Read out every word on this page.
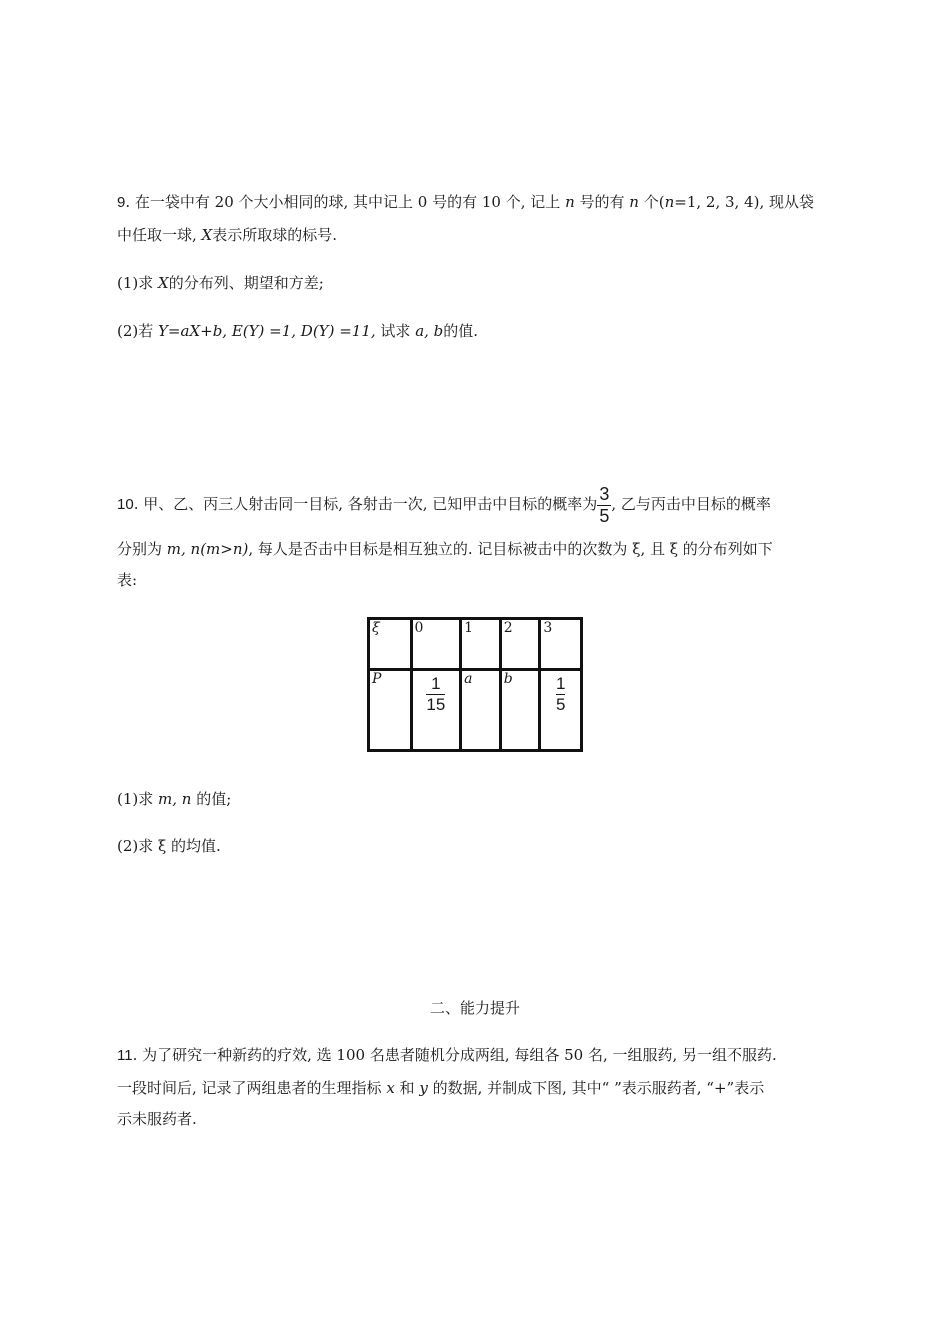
9. 在一袋中有 20 个大小相同的球, 其中记上 0 号的有 10 个, 记上 n 号的有 n 个(n=1, 2, 3, 4), 现从袋
中任取一球, X表示所取球的标号.
(1)求 X的分布列、期望和方差;
(2)若 Y=aX+b, E(Y) =1, D(Y) =11, 试求 a, b的值.
10. 甲、乙、丙三人射击同一目标, 各射击一次, 已知甲击中目标的概率为 $\frac{3}{5}$ , 乙与丙击中目标的概率
分别为 m, n(m>n), 每人是否击中目标是相互独立的. 记目标被击中的次数为 ξ, 且 ξ 的分布列如下
表:
ξ	0	1	2	3
P	$\frac{1}{15}$	a	b	$\frac{1}{5}$
(1)求 m, n 的值;
(2)求 ξ 的均值.
二、能力提升
11. 为了研究一种新药的疗效, 选 100 名患者随机分成两组, 每组各 50 名, 一组服药, 另一组不服药.
一段时间后, 记录了两组患者的生理指标 x 和 y 的数据, 并制成下图, 其中“ ”表示服药者, “+”表示
示未服药者.
